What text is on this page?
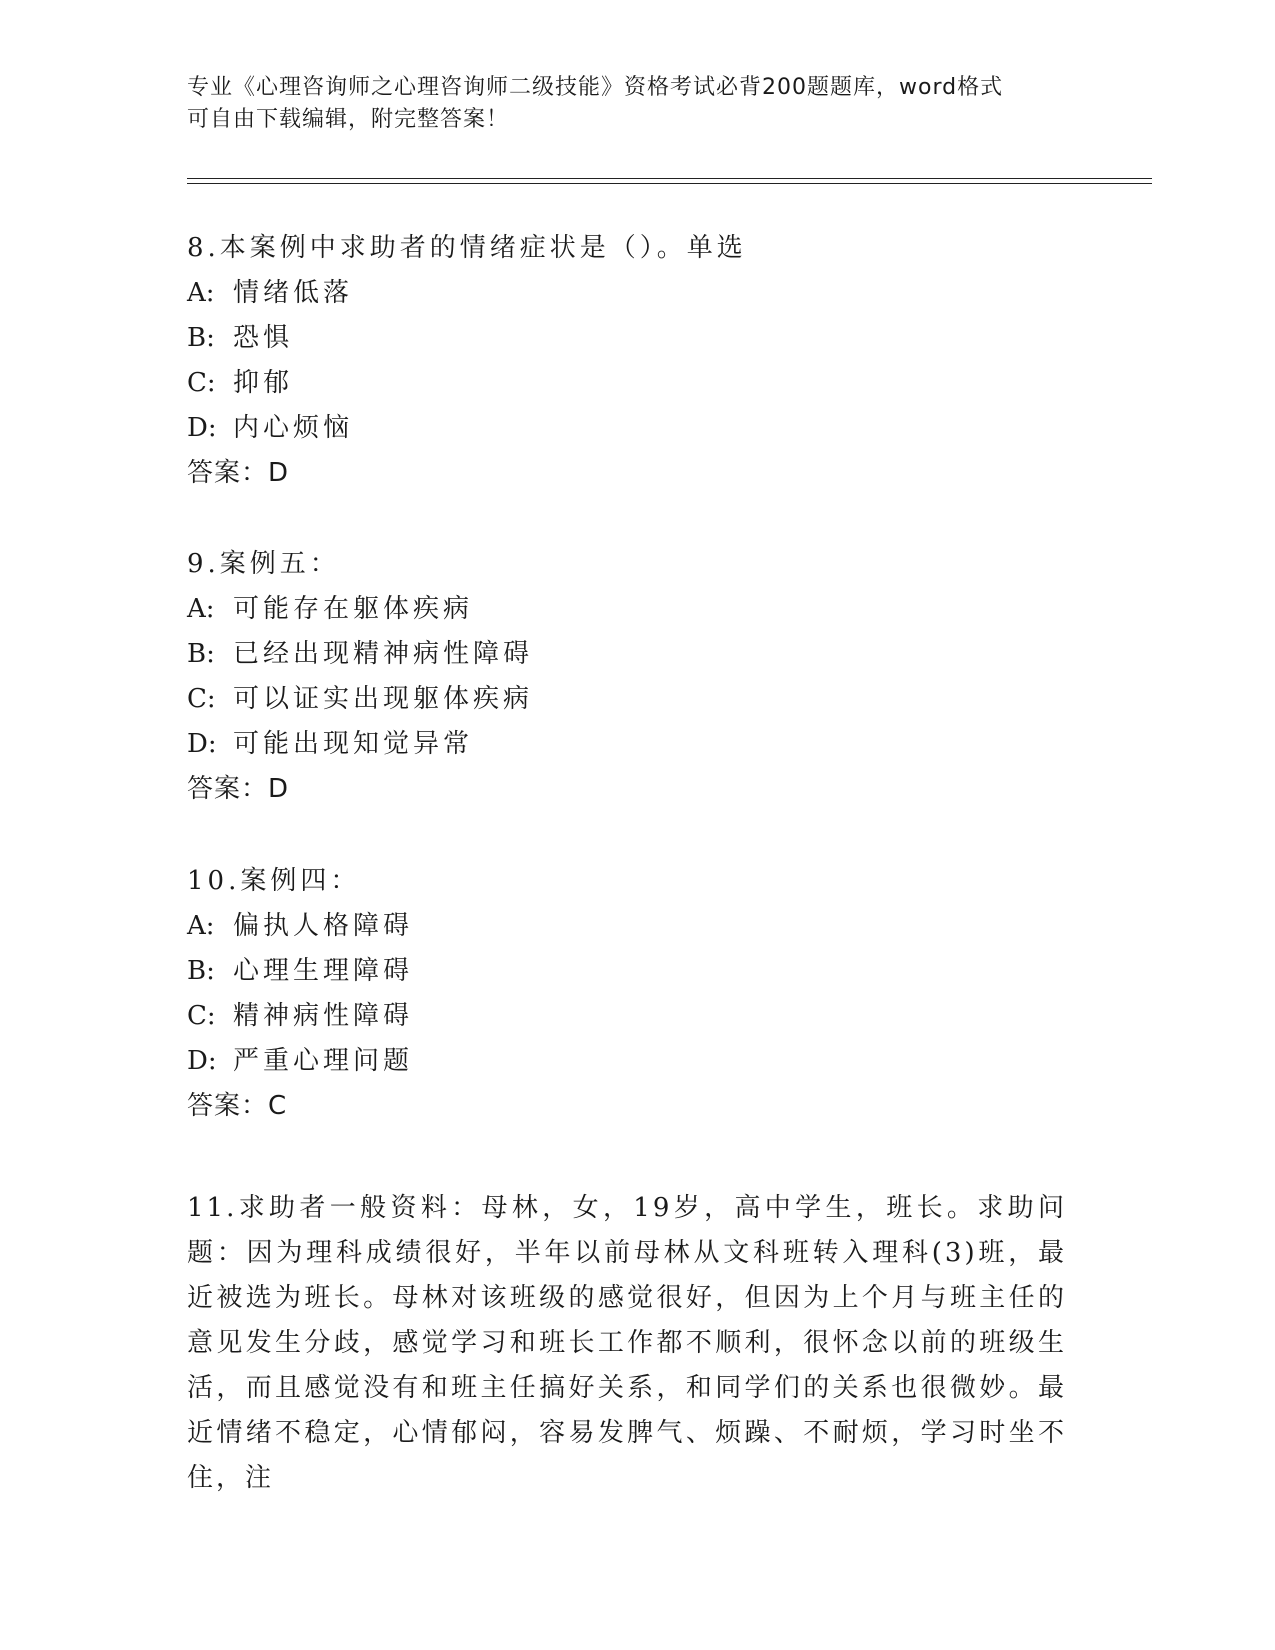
专业《心理咨询师之心理咨询师二级技能》资格考试必背200题题库，word格式

可自由下载编辑，附完整答案！

8.本案例中求助者的情绪症状是（）。单选

A: 情绪低落

B: 恐惧

C: 抑郁

D: 内心烦恼

答案：D

9.案例五：

A: 可能存在躯体疾病

B: 已经出现精神病性障碍

C: 可以证实出现躯体疾病

D: 可能出现知觉异常

答案：D

10.案例四：

A: 偏执人格障碍

B: 心理生理障碍

C: 精神病性障碍

D: 严重心理问题

答案：C

11.求助者一般资料：母林，女，19岁，高中学生，班长。求助问题：因为理科成绩很好，半年以前母林从文科班转入理科(3)班，最近被选为班长。母林对该班级的感觉很好，但因为上个月与班主任的意见发生分歧，感觉学习和班长工作都不顺利，很怀念以前的班级生活，而且感觉没有和班主任搞好关系，和同学们的关系也很微妙。最近情绪不稳定，心情郁闷，容易发脾气、烦躁、不耐烦，学习时坐不住，注
